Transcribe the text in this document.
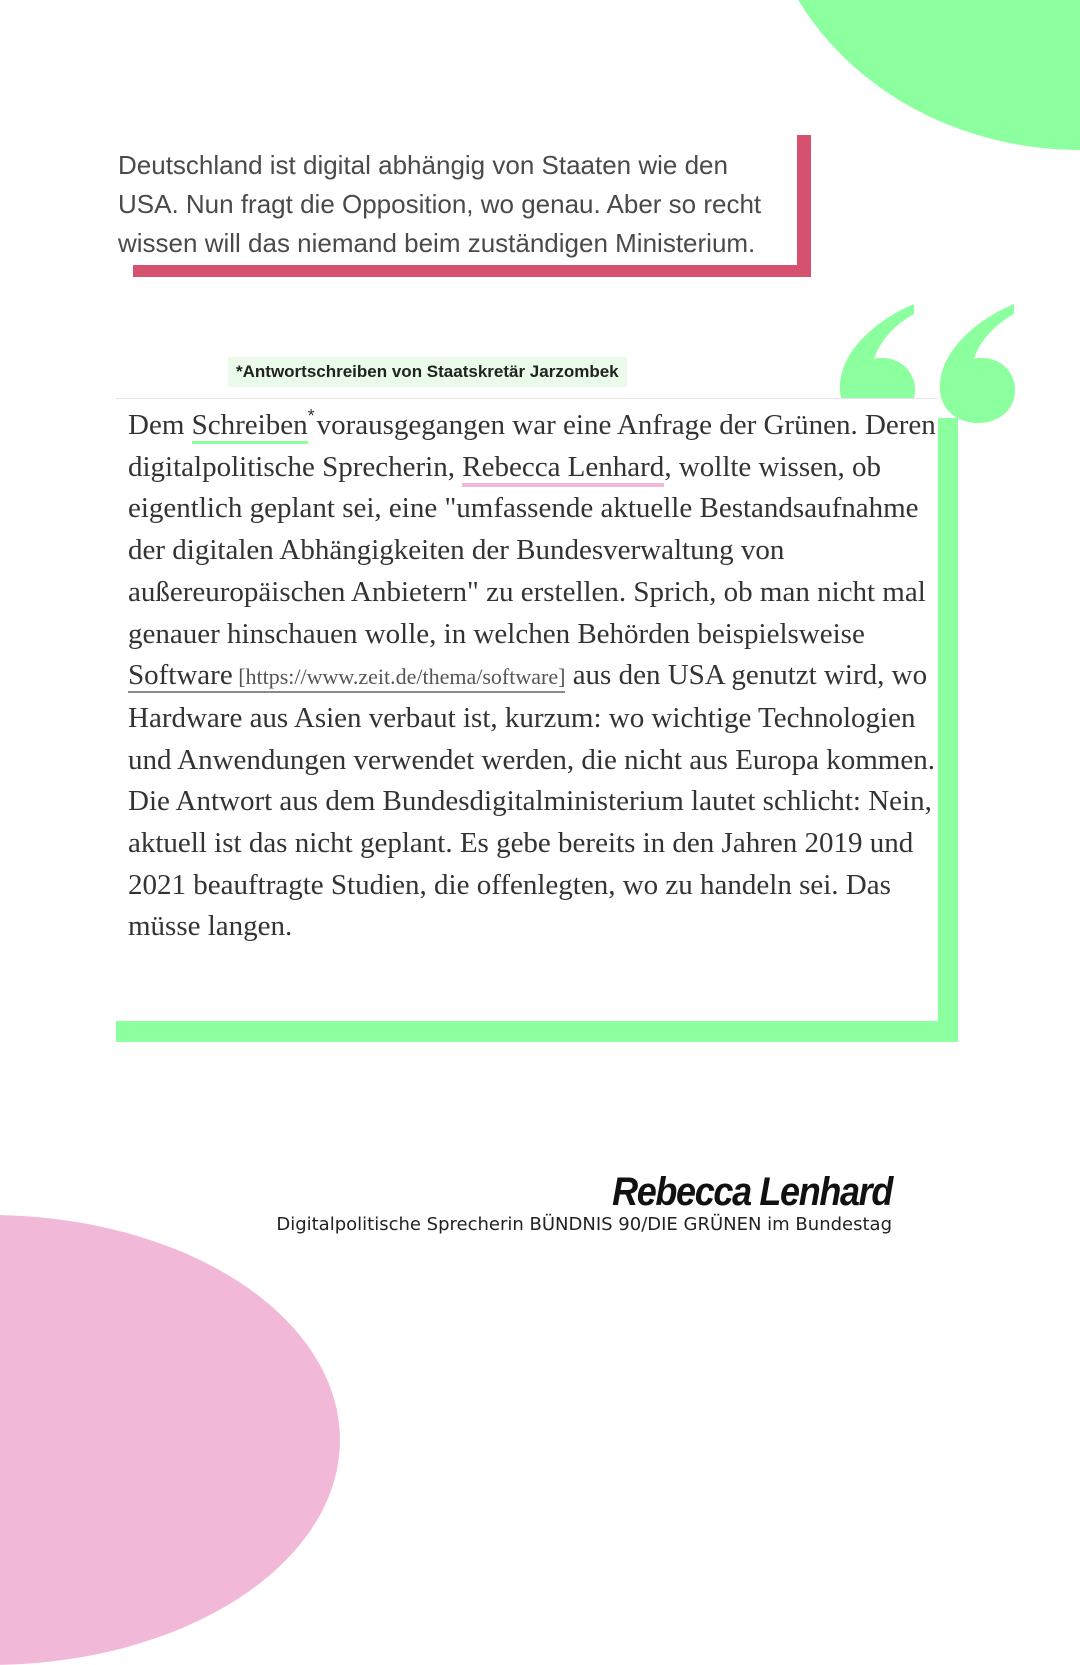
Deutschland ist digital abhängig von Staaten wie den USA. Nun fragt die Opposition, wo genau. Aber so recht wissen will das niemand beim zuständigen Ministerium.

Dem Schreiben*vorausgegangen war eine Anfrage der Grünen. Deren digitalpolitische Sprecherin, Rebecca Lenhard, wollte wissen, ob eigentlich geplant sei, eine "umfassende aktuelle Bestandsaufnahme der digitalen Abhängigkeiten der Bundesverwaltung von außereuropäischen Anbietern" zu erstellen. Sprich, ob man nicht mal genauer hinschauen wolle, in welchen Behörden beispielsweise Software [https://www.zeit.de/thema/software] aus den USA genutzt wird, wo Hardware aus Asien verbaut ist, kurzum: wo wichtige Technologien und Anwendungen verwendet werden, die nicht aus Europa kommen. Die Antwort aus dem Bundesdigitalministerium lautet schlicht: Nein, aktuell ist das nicht geplant. Es gebe bereits in den Jahren 2019 und 2021 beauftragte Studien, die offenlegten, wo zu handeln sei. Das müsse langen.

*Antwortschreiben von Staatskretär Jarzombek
Rebecca Lenhard
Digitalpolitische Sprecherin BÜNDNIS 90/DIE GRÜNEN im Bundestag
